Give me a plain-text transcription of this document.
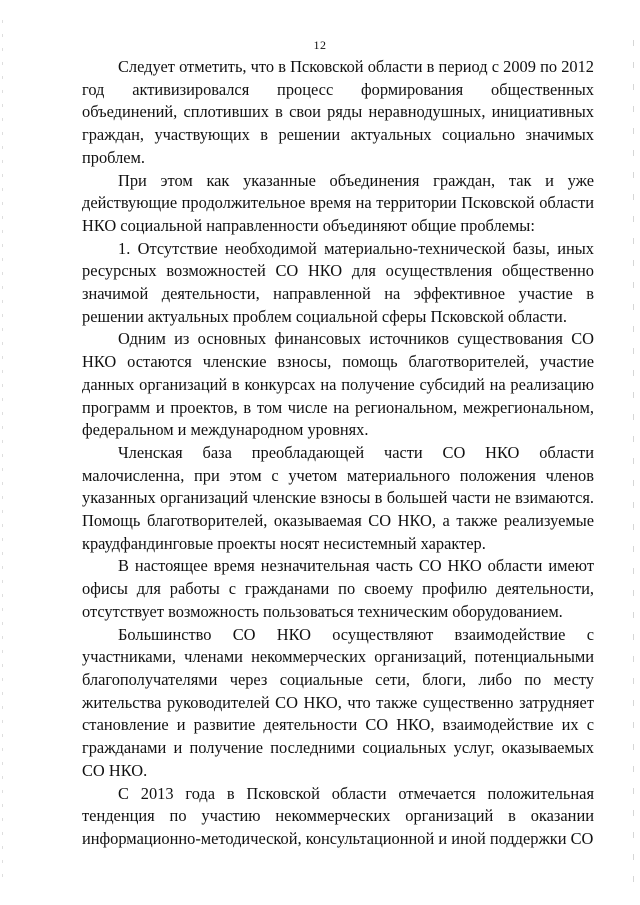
12

Следует отметить, что в Псковской области в период с 2009 по 2012 год активизировался процесс формирования общественных объединений, сплотивших в свои ряды неравнодушных, инициативных граждан, участвующих в решении актуальных социально значимых проблем.

При этом как указанные объединения граждан, так и уже действующие продолжительное время на территории Псковской области НКО социальной направленности объединяют общие проблемы:

1. Отсутствие необходимой материально-технической базы, иных ресурсных возможностей СО НКО для осуществления общественно значимой деятельности, направленной на эффективное участие в решении актуальных проблем социальной сферы Псковской области.

Одним из основных финансовых источников существования СО НКО остаются членские взносы, помощь благотворителей, участие данных организаций в конкурсах на получение субсидий на реализацию программ и проектов, в том числе на региональном, межрегиональном, федеральном и международном уровнях.

Членская база преобладающей части СО НКО области малочисленна, при этом с учетом материального положения членов указанных организаций членские взносы в большей части не взимаются. Помощь благотворителей, оказываемая СО НКО, а также реализуемые краудфандинговые проекты носят несистемный характер.

В настоящее время незначительная часть СО НКО области имеют офисы для работы с гражданами по своему профилю деятельности, отсутствует возможность пользоваться техническим оборудованием.

Большинство СО НКО осуществляют взаимодействие с участниками, членами некоммерческих организаций, потенциальными благополучателями через социальные сети, блоги, либо по месту жительства руководителей СО НКО, что также существенно затрудняет становление и развитие деятельности СО НКО, взаимодействие их с гражданами и получение последними социальных услуг, оказываемых СО НКО.

С 2013 года в Псковской области отмечается положительная тенденция по участию некоммерческих организаций в оказании информационно-методической, консультационной и иной поддержки СО
